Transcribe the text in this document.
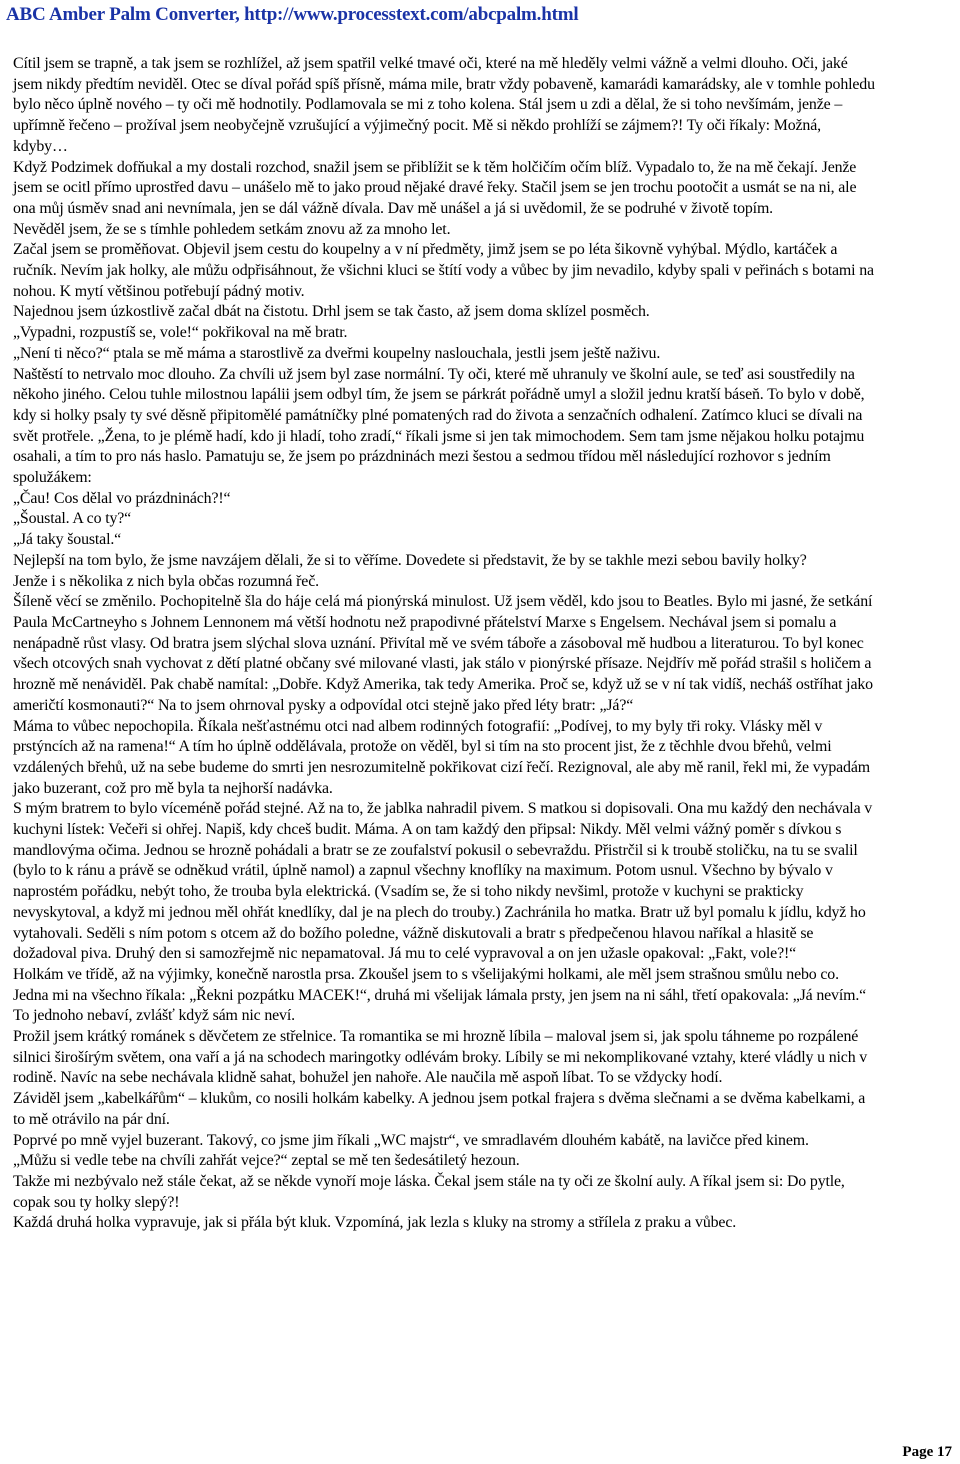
ABC Amber Palm Converter, http://www.processtext.com/abcpalm.html

Cítil jsem se trapně, a tak jsem se rozhlížel, až jsem spatřil velké tmavé oči, které na mě hleděly velmi vážně a velmi dlouho. Oči, jaké jsem nikdy předtím neviděl. Otec se díval pořád spíš přísně, máma mile, bratr vždy pobaveně, kamarádi kamarádsky, ale v tomhle pohledu bylo něco úplně nového – ty oči mě hodnotily. Podlamovala se mi z toho kolena. Stál jsem u zdi a dělal, že si toho nevšímám, jenže – upřímně řečeno – prožíval jsem neobyčejně vzrušující a výjimečný pocit. Mě si někdo prohlíží se zájmem?! Ty oči říkaly: Možná, kdyby…

Když Podzimek dofňukal a my dostali rozchod, snažil jsem se přiblížit se k těm holčičím očím blíž. Vypadalo to, že na mě čekají. Jenže jsem se ocitl přímo uprostřed davu – unášelo mě to jako proud nějaké dravé řeky. Stačil jsem se jen trochu pootočit a usmát se na ni, ale ona můj úsměv snad ani nevnímala, jen se dál vážně dívala. Dav mě unášel a já si uvědomil, že se podruhé v životě topím.

Nevěděl jsem, že se s tímhle pohledem setkám znovu až za mnoho let.

Začal jsem se proměňovat. Objevil jsem cestu do koupelny a v ní předměty, jimž jsem se po léta šikovně vyhýbal. Mýdlo, kartáček a ručník. Nevím jak holky, ale můžu odpřisáhnout, že všichni kluci se štítí vody a vůbec by jim nevadilo, kdyby spali v peřinách s botami na nohou. K mytí většinou potřebují pádný motiv.

Najednou jsem úzkostlivě začal dbát na čistotu. Drhl jsem se tak často, až jsem doma sklízel posměch.

„Vypadni, rozpustíš se, vole!“ pokřikoval na mě bratr.

„Není ti něco?“ ptala se mě máma a starostlivě za dveřmi koupelny naslouchala, jestli jsem ještě naživu.

Naštěstí to netrvalo moc dlouho. Za chvíli už jsem byl zase normální. Ty oči, které mě uhranuly ve školní aule, se teď asi soustředily na někoho jiného. Celou tuhle milostnou lapálii jsem odbyl tím, že jsem se párkrát pořádně umyl a složil jednu kratší báseň. To bylo v době, kdy si holky psaly ty své děsně připitomělé památníčky plné pomatených rad do života a senzačních odhalení. Zatímco kluci se dívali na svět protřele. „Žena, to je plémě hadí, kdo ji hladí, toho zradí,“ říkali jsme si jen tak mimochodem. Sem tam jsme nějakou holku potajmu osahali, a tím to pro nás haslo. Pamatuju se, že jsem po prázdninách mezi šestou a sedmou třídou měl následující rozhovor s jedním spolužákem:

„Čau! Cos dělal vo prázdninách?!“

„Šoustal. A co ty?“

„Já taky šoustal.“

Nejlepší na tom bylo, že jsme navzájem dělali, že si to věříme. Dovedete si představit, že by se takhle mezi sebou bavily holky?

Jenže i s několika z nich byla občas rozumná řeč.

Šíleně věcí se změnilo. Pochopitelně šla do háje celá má pionýrská minulost. Už jsem věděl, kdo jsou to Beatles. Bylo mi jasné, že setkání Paula McCartneyho s Johnem Lennonem má větší hodnotu než prapodivné přátelství Marxe s Engelsem. Nechával jsem si pomalu a nenápadně růst vlasy. Od bratra jsem slýchal slova uznání. Přivítal mě ve svém táboře a zásoboval mě hudbou a literaturou. To byl konec všech otcových snah vychovat z dětí platné občany své milované vlasti, jak stálo v pionýrské přísaze. Nejdřív mě pořád strašil s holičem a hrozně mě nenáviděl. Pak chabě namítal: „Dobře. Když Amerika, tak tedy Amerika. Proč se, když už se v ní tak vidíš, necháš ostříhat jako američtí kosmonauti?“ Na to jsem ohrnoval pysky a odpovídal otci stejně jako před léty bratr: „Já?“

Máma to vůbec nepochopila. Říkala nešťastnému otci nad albem rodinných fotografií: „Podívej, to my byly tři roky. Vlásky měl v prstýncích až na ramena!“ A tím ho úplně oddělávala, protože on věděl, byl si tím na sto procent jist, že z těchhle dvou břehů, velmi vzdálených břehů, už na sebe budeme do smrti jen nesrozumitelně pokřikovat cizí řečí. Rezignoval, ale aby mě ranil, řekl mi, že vypadám jako buzerant, což pro mě byla ta nejhorší nadávka.

S mým bratrem to bylo víceméně pořád stejné. Až na to, že jablka nahradil pivem. S matkou si dopisovali. Ona mu každý den nechávala v kuchyni lístek: Večeři si ohřej. Napiš, kdy chceš budit. Máma. A on tam každý den připsal: Nikdy. Měl velmi vážný poměr s dívkou s mandlovýma očima. Jednou se hrozně pohádali a bratr se ze zoufalství pokusil o sebevraždu. Přistrčil si k troubě stoličku, na tu se svalil (bylo to k ránu a právě se odněkud vrátil, úplně namol) a zapnul všechny knoflíky na maximum. Potom usnul. Všechno by bývalo v naprostém pořádku, nebýt toho, že trouba byla elektrická. (Vsadím se, že si toho nikdy nevšiml, protože v kuchyni se prakticky nevyskytoval, a když mi jednou měl ohřát knedlíky, dal je na plech do trouby.) Zachránila ho matka. Bratr už byl pomalu k jídlu, když ho vytahovali. Seděli s ním potom s otcem až do božího poledne, vážně diskutovali a bratr s předpečenou hlavou naříkal a hlasitě se dožadoval piva. Druhý den si samozřejmě nic nepamatoval. Já mu to celé vypravoval a on jen užasle opakoval: „Fakt, vole?!“

Holkám ve třídě, až na výjimky, konečně narostla prsa. Zkoušel jsem to s všelijakými holkami, ale měl jsem strašnou smůlu nebo co. Jedna mi na všechno říkala: „Řekni pozpátku MACEK!“, druhá mi všelijak lámala prsty, jen jsem na ni sáhl, třetí opakovala: „Já nevím.“ To jednoho nebaví, zvlášť když sám nic neví.

Prožil jsem krátký románek s děvčetem ze střelnice. Ta romantika se mi hrozně líbila – maloval jsem si, jak spolu táhneme po rozpálené silnici širošírým světem, ona vaří a já na schodech maringotky odlévám broky. Líbily se mi nekomplikované vztahy, které vládly u nich v rodině. Navíc na sebe nechávala klidně sahat, bohužel jen nahoře. Ale naučila mě aspoň líbat. To se vždycky hodí.

Záviděl jsem „kabelkářům“ – klukům, co nosili holkám kabelky. A jednou jsem potkal frajera s dvěma slečnami a se dvěma kabelkami, a to mě otrávilo na pár dní.

Poprvé po mně vyjel buzerant. Takový, co jsme jim říkali „WC majstr“, ve smradlavém dlouhém kabátě, na lavičce před kinem.

„Můžu si vedle tebe na chvíli zahřát vejce?“ zeptal se mě ten šedesátiletý hezoun.

Takže mi nezbývalo než stále čekat, až se někde vynoří moje láska. Čekal jsem stále na ty oči ze školní auly. A říkal jsem si: Do pytle, copak sou ty holky slepý?!

Každá druhá holka vypravuje, jak si přála být kluk. Vzpomíná, jak lezla s kluky na stromy a střílela z praku a vůbec.

Page 17
